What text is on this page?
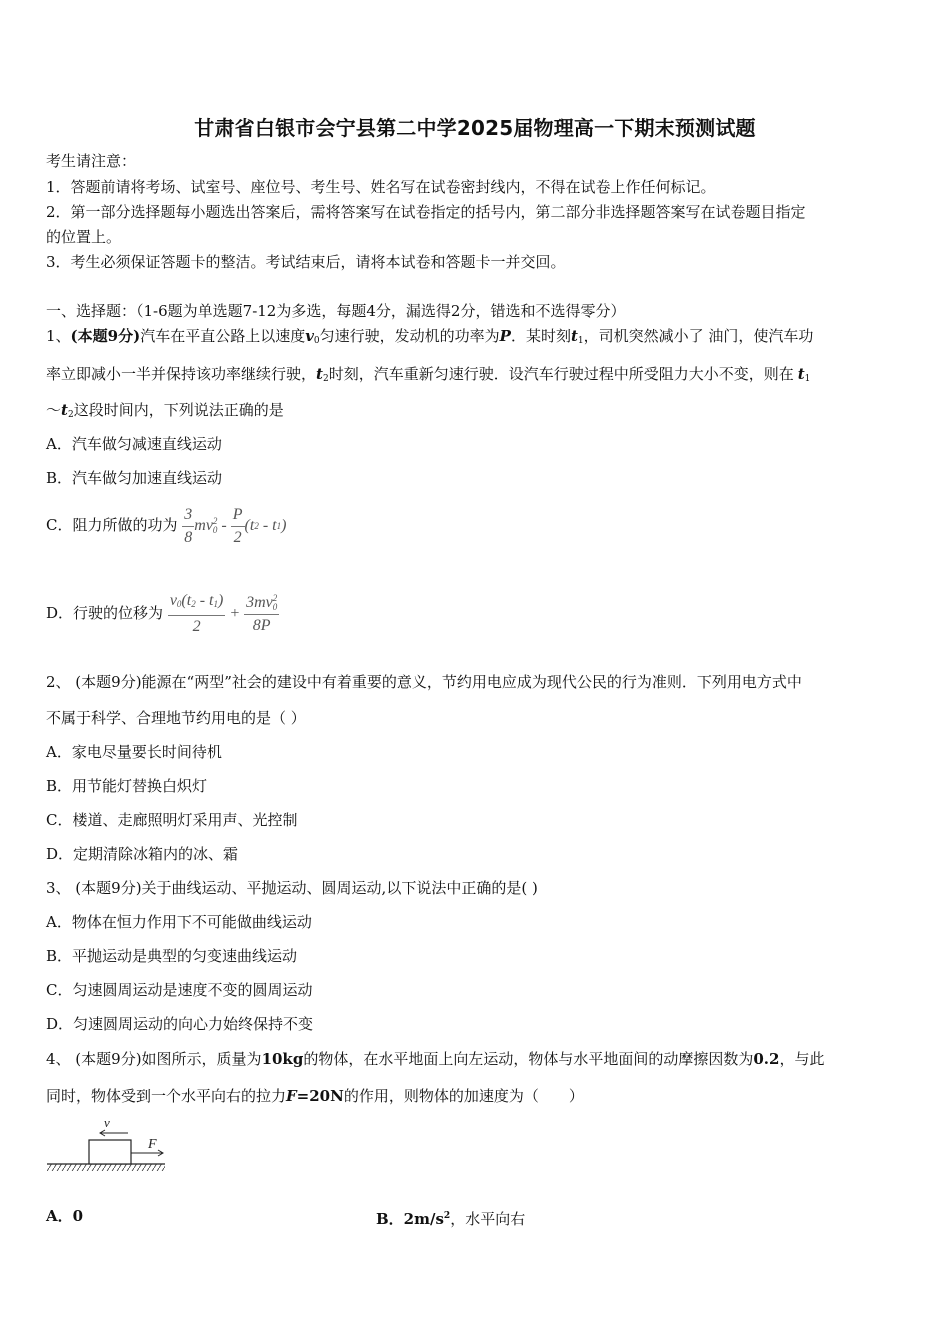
甘肃省白银市会宁县第二中学2025届物理高一下期末预测试题
考生请注意：
1．答题前请将考场、试室号、座位号、考生号、姓名写在试卷密封线内，不得在试卷上作任何标记。
2．第一部分选择题每小题选出答案后，需将答案写在试卷指定的括号内，第二部分非选择题答案写在试卷题目指定
的位置上。
3．考生必须保证答题卡的整洁。考试结束后，请将本试卷和答题卡一并交回。
一、选择题：（1-6题为单选题7-12为多选，每题4分，漏选得2分，错选和不选得零分）
1、(本题9分)汽车在平直公路上以速度$v_0$匀速行驶，发动机的功率为P．某时刻$t_1$，司机突然减小了 油门，使汽车功
率立即减小一半并保持该功率继续行驶，$t_2$时刻，汽车重新匀速行驶．设汽车行驶过程中所受阻力大小不变，则在 $t_1$
$\sim t_2$这段时间内，下列说法正确的是
A．汽车做匀减速直线运动
B．汽车做匀加速直线运动
C．阻力所做的功为 $\frac{3}{8}$ mv 2
$0 - \frac{P}{2} (t2 - t1)$
D．行驶的位移为 $\frac{v_0(t_2 - t_1)}{2} + 3mv$ 2
0
8P
2、 (本题9分)能源在“两型”社会的建设中有着重要的意义，节约用电应成为现代公民的行为准则．下列用电方式中
不属于科学、合理地节约用电的是（ ）
A．家电尽量要长时间待机
B．用节能灯替换白炽灯
C．楼道、走廊照明灯采用声、光控制
D．定期清除冰箱内的冰、霜
3、 (本题9分)关于曲线运动、平抛运动、圆周运动,以下说法中正确的是( )
A．物体在恒力作用下不可能做曲线运动
B．平抛运动是典型的匀变速曲线运动
C．匀速圆周运动是速度不变的圆周运动
D．匀速圆周运动的向心力始终保持不变
4、 (本题9分)如图所示，质量为10kg的物体，在水平地面上向左运动，物体与水平地面间的动摩擦因数为0.2，与此
同时，物体受到一个水平向右的拉力F=20N的作用，则物体的加速度为（　　）
v
F
A．0	B．$2m/s^2$，水平向右
